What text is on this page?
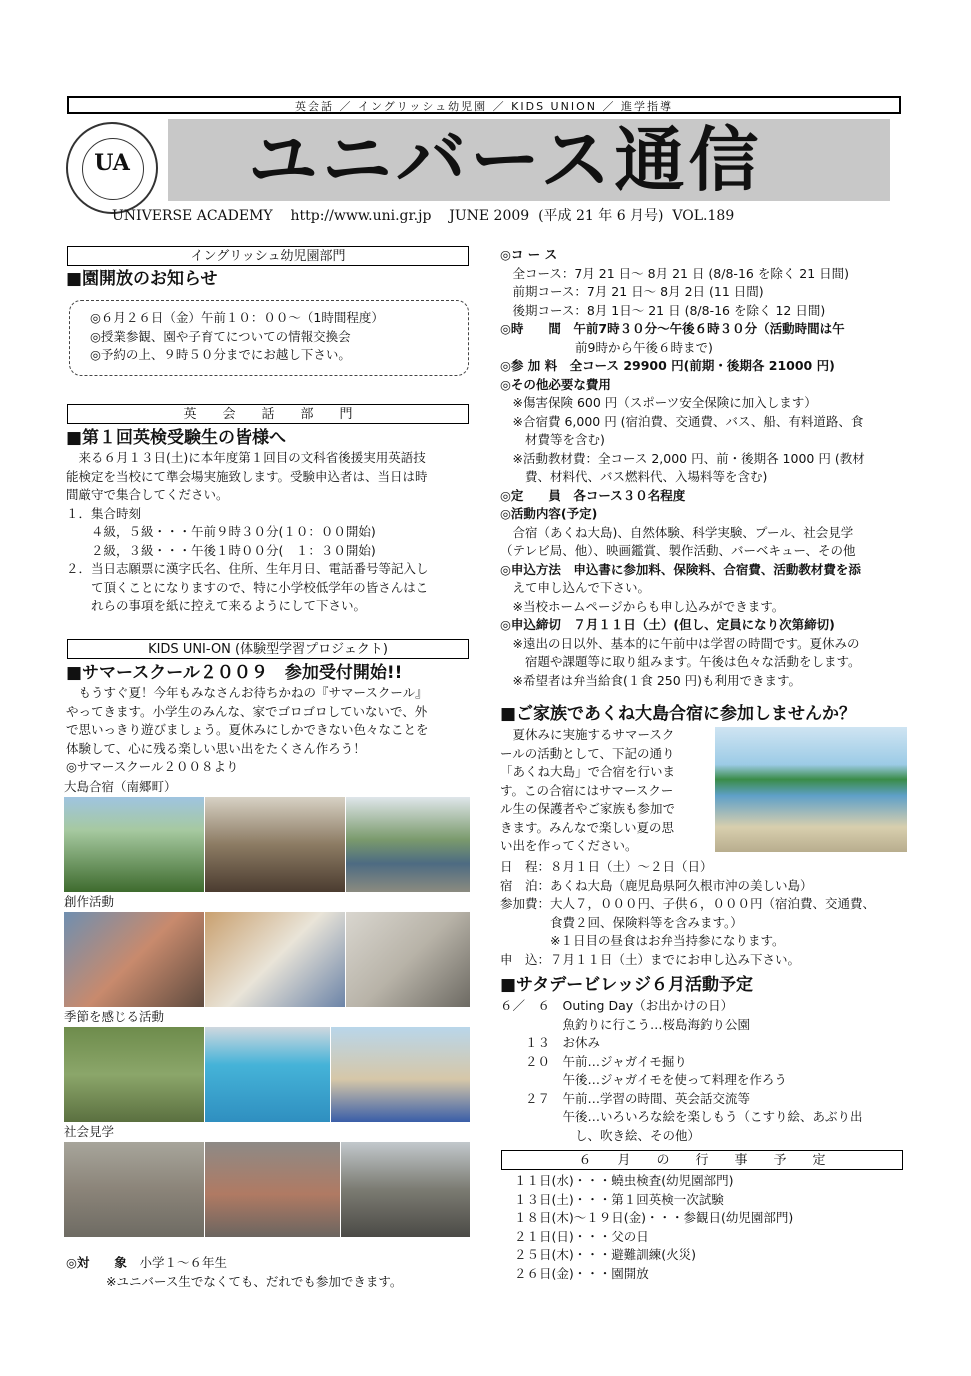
英会話 ／ イングリッシュ幼児園 ／ KIDS UNION ／ 進学指導
UA	ユニバース通信
UNIVERSE ACADEMY    http://www.uni.gr.jp    JUNE 2009  (平成 21 年 6 月号)  VOL.189
イングリッシュ幼児園部門
■園開放のお知らせ
◎６月２６日（金）午前１０：００～（1時間程度）
◎授業参観、園や子育てについての情報交換会
◎予約の上、９時５０分までにお越し下さい。
英　　会　　話　　部　　門
■第１回英検受験生の皆様へ
　来る６月１３日(土)に本年度第１回目の文科省後援実用英語技
能検定を当校にて準会場実施致します。受験申込者は、当日は時
間厳守で集合してください。
１．集合時刻
　　４級，５級・・・午前９時３０分(１０：００開始)
　　２級，３級・・・午後１時００分(　１：３０開始)
２．当日志願票に漢字氏名、住所、生年月日、電話番号等記入し
　　て頂くことになりますので、特に小学校低学年の皆さんはこ
　　れらの事項を紙に控えて来るようにして下さい。
KIDS UNI-ON (体験型学習プロジェクト)
■サマースクール２００９　参加受付開始!!
　もうすぐ夏！今年もみなさんお待ちかねの『サマースクール』
やってきます。小学生のみんな、家でゴロゴロしていないで、外
で思いっきり遊びましょう。夏休みにしかできない色々なことを
体験して、心に残る楽しい思い出をたくさん作ろう！
◎サマースクール２００８より
大島合宿（南郷町）
創作活動
季節を感じる活動
社会見学
◎対　　象　 小学１～６年生
※ユニバース生でなくても、だれでも参加できます。
◎コ ー ス
　全コース：7月 21 日～ 8月 21 日 (8/8-16 を除く 21 日間)
　前期コース：7月 21 日～ 8月 2日 (11 日間)
　後期コース：8月 1日～ 21 日 (8/8-16 を除く 12 日間)
◎時　　間　午前7時３０分～午後６時３０分（活動時間は午
　　　　　　前9時から午後６時まで)
◎参 加 料　全コース 29900 円(前期・後期各 21000 円)
◎その他必要な費用
　※傷害保険 600 円（スポーツ安全保険に加入します）
　※合宿費 6,000 円 (宿泊費、交通費、バス、船、有料道路、食
　　材費等を含む)
　※活動教材費：全コース 2,000 円、前・後期各 1000 円 (教材
　　費、材料代、バス燃料代、入場料等を含む)
◎定　　員　各コース３０名程度
◎活動内容(予定)
　合宿（あくね大島)、自然体験、科学実験、プール、社会見学
（テレビ局、他）、映画鑑賞、製作活動、バーベキュー、その他
◎申込方法　申込書に参加料、保険料、合宿費、活動教材費を添
　えて申し込んで下さい。
　※当校ホームページからも申し込みができます。
◎申込締切　７月１１日（土）(但し、定員になり次第締切)
　※遠出の日以外、基本的に午前中は学習の時間です。夏休みの
　　宿題や課題等に取り組みます。午後は色々な活動をします。
　※希望者は弁当給食(１食 250 円)も利用できます。
■ご家族であくね大島合宿に参加しませんか？
　夏休みに実施するサマースク
ールの活動として、下記の通り
「あくね大島」で合宿を行いま
す。この合宿にはサマースクー
ル生の保護者やご家族も参加で
きます。みんなで楽しい夏の思
い出を作ってください。
日　程：８月１日（土）～２日（日）
宿　泊：あくね大島（鹿児島県阿久根市沖の美しい島）
参加費：大人７，０００円、子供６，０００円（宿泊費、交通費、
　　　　食費２回、保険料等を含みます。）
　　　　※１日目の昼食はお弁当持参になります。
申　込：７月１１日（土）までにお申し込み下さい。
■サタデービレッジ６月活動予定
６／　６　Outing Day（お出かけの日）
　　　　　魚釣りに行こう…桜島海釣り公園
　　１３　お休み
　　２０　午前…ジャガイモ掘り
　　　　　午後…ジャガイモを使って料理を作ろう
　　２７　午前…学習の時間、英会話交流等
　　　　　午後…いろいろな絵を楽しもう（こすり絵、あぶり出
　　　　　　し、吹き絵、その他）
６　　月　　の　　行　　事　　予　　定
１１日(水)・・・蟯虫検査(幼児園部門)
１３日(土)・・・第１回英検一次試験
１８日(木)～１９日(金)・・・参観日(幼児園部門)
２１日(日)・・・父の日
２５日(木)・・・避難訓練(火災)
２６日(金)・・・園開放
